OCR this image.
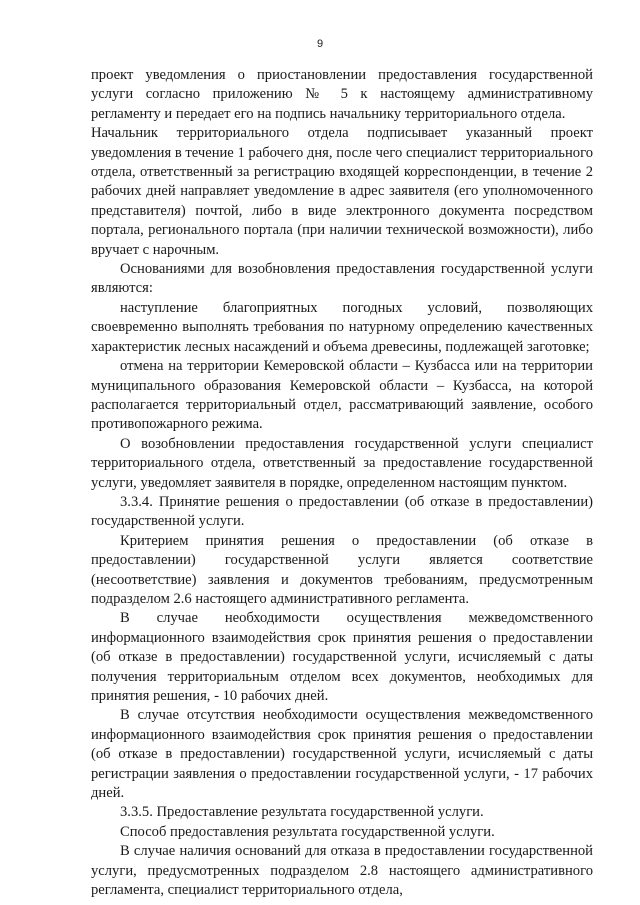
9

проект уведомления о приостановлении предоставления государственной услуги согласно приложению № 5 к настоящему административному регламенту и передает его на подпись начальнику территориального отдела.

Начальник территориального отдела подписывает указанный проект уведомления в течение 1 рабочего дня, после чего специалист территориального отдела, ответственный за регистрацию входящей корреспонденции, в течение 2 рабочих дней направляет уведомление в адрес заявителя (его уполномоченного представителя) почтой, либо в виде электронного документа посредством портала, регионального портала (при наличии технической возможности), либо вручает с нарочным.

Основаниями для возобновления предоставления государственной услуги являются:

наступление благоприятных погодных условий, позволяющих своевременно выполнять требования по натурному определению качественных характеристик лесных насаждений и объема древесины, подлежащей заготовке;

отмена на территории Кемеровской области – Кузбасса или на территории муниципального образования Кемеровской области – Кузбасса, на которой располагается территориальный отдел, рассматривающий заявление, особого противопожарного режима.

О возобновлении предоставления государственной услуги специалист территориального отдела, ответственный за предоставление государственной услуги, уведомляет заявителя в порядке, определенном настоящим пунктом.

3.3.4. Принятие решения о предоставлении (об отказе в предоставлении) государственной услуги.

Критерием принятия решения о предоставлении (об отказе в предоставлении) государственной услуги является соответствие (несоответствие) заявления и документов требованиям, предусмотренным подразделом 2.6 настоящего административного регламента.

В случае необходимости осуществления межведомственного информационного взаимодействия срок принятия решения о предоставлении (об отказе в предоставлении) государственной услуги, исчисляемый с даты получения территориальным отделом всех документов, необходимых для принятия решения, - 10 рабочих дней.

В случае отсутствия необходимости осуществления межведомственного информационного взаимодействия срок принятия решения о предоставлении (об отказе в предоставлении) государственной услуги, исчисляемый с даты регистрации заявления о предоставлении государственной услуги, - 17 рабочих дней.

3.3.5. Предоставление результата государственной услуги.

Способ предоставления результата государственной услуги.

В случае наличия оснований для отказа в предоставлении государственной услуги, предусмотренных подразделом 2.8 настоящего административного регламента, специалист территориального отдела,
